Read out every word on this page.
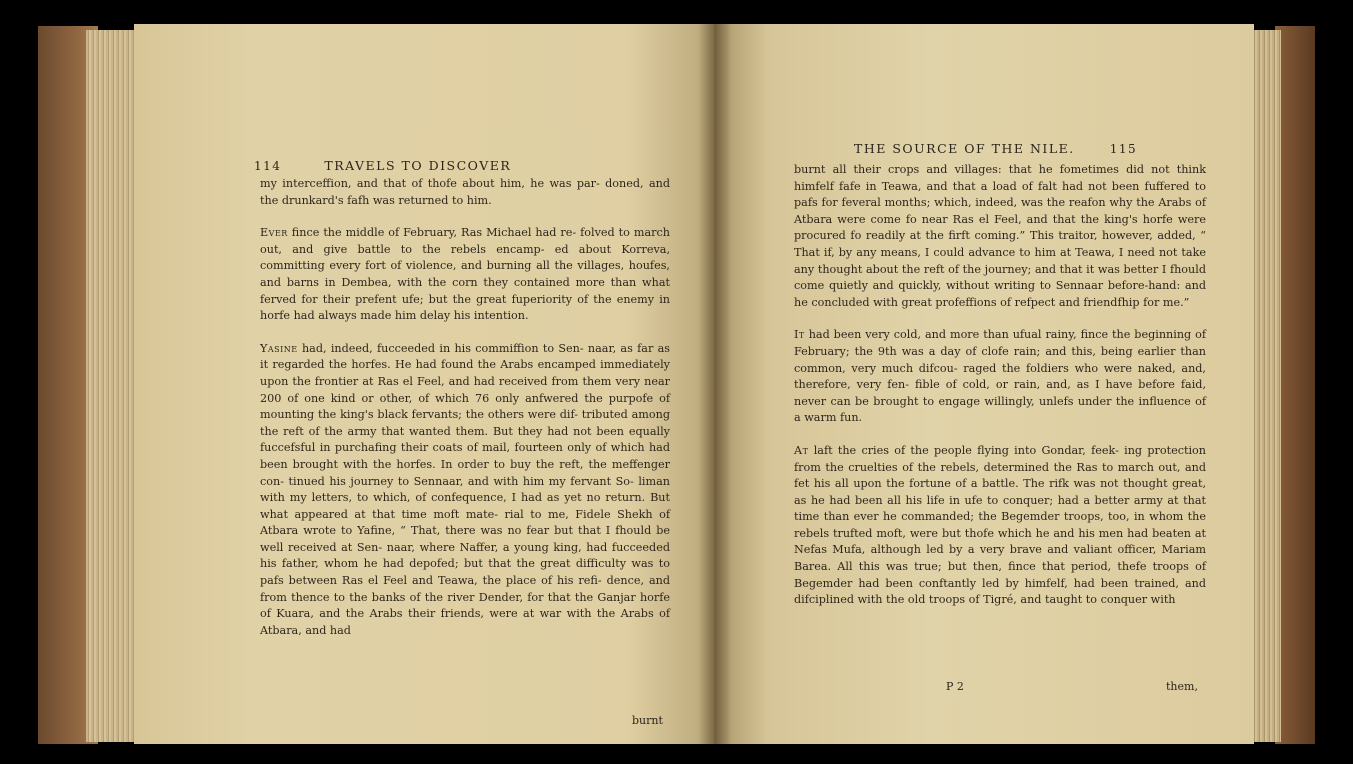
114	TRAVELS TO DISCOVER

my interceffion, and that of thofe about him, he was par- doned, and the drunkard's fafh was returned to him.

Ever fince the middle of February, Ras Michael had re- folved to march out, and give battle to the rebels encamp- ed about Korreva, committing every fort of violence, and burning all the villages, houfes, and barns in Dembea, with the corn they contained more than what ferved for their prefent ufe; but the great fuperiority of the enemy in horfe had always made him delay his intention.

Yasine had, indeed, fucceeded in his commiffion to Sen- naar, as far as it regarded the horfes. He had found the Arabs encamped immediately upon the frontier at Ras el Feel, and had received from them very near 200 of one kind or other, of which 76 only anfwered the purpofe of mounting the king's black fervants; the others were dif- tributed among the reft of the army that wanted them. But they had not been equally fuccefsful in purchafing their coats of mail, fourteen only of which had been brought with the horfes. In order to buy the reft, the meffenger con- tinued his journey to Sennaar, and with him my fervant So- liman with my letters, to which, of confequence, I had as yet no return. But what appeared at that time moft mate- rial to me, Fidele Shekh of Atbara wrote to Yafine, “ That, there was no fear but that I fhould be well received at Sen- naar, where Naffer, a young king, had fucceeded his father, whom he had depofed; but that the great difficulty was to pafs between Ras el Feel and Teawa, the place of his refi- dence, and from thence to the banks of the river Dender, for that the Ganjar horfe of Kuara, and the Arabs their friends, were at war with the Arabs of Atbara, and had

burnt
THE SOURCE OF THE NILE.	115

burnt all their crops and villages: that he fometimes did not think himfelf fafe in Teawa, and that a load of falt had not been fuffered to pafs for feveral months; which, indeed, was the reafon why the Arabs of Atbara were come fo near Ras el Feel, and that the king's horfe were procured fo readily at the firft coming.” This traitor, however, added, “ That if, by any means, I could advance to him at Teawa, I need not take any thought about the reft of the journey; and that it was better I fhould come quietly and quickly, without writing to Sennaar before-hand: and he concluded with great profeffions of refpect and friendfhip for me.”

It had been very cold, and more than ufual rainy, fince the beginning of February; the 9th was a day of clofe rain; and this, being earlier than common, very much difcou- raged the foldiers who were naked, and, therefore, very fen- fible of cold, or rain, and, as I have before faid, never can be brought to engage willingly, unlefs under the influence of a warm fun.

At laft the cries of the people flying into Gondar, feek- ing protection from the cruelties of the rebels, determined the Ras to march out, and fet his all upon the fortune of a battle. The rifk was not thought great, as he had been all his life in ufe to conquer; had a better army at that time than ever he commanded; the Begemder troops, too, in whom the rebels trufted moft, were but thofe which he and his men had beaten at Nefas Mufa, although led by a very brave and valiant officer, Mariam Barea. All this was true; but then, fince that period, thefe troops of Begemder had been conftantly led by himfelf, had been trained, and difciplined with the old troops of Tigré, and taught to conquer with

P 2	them,
